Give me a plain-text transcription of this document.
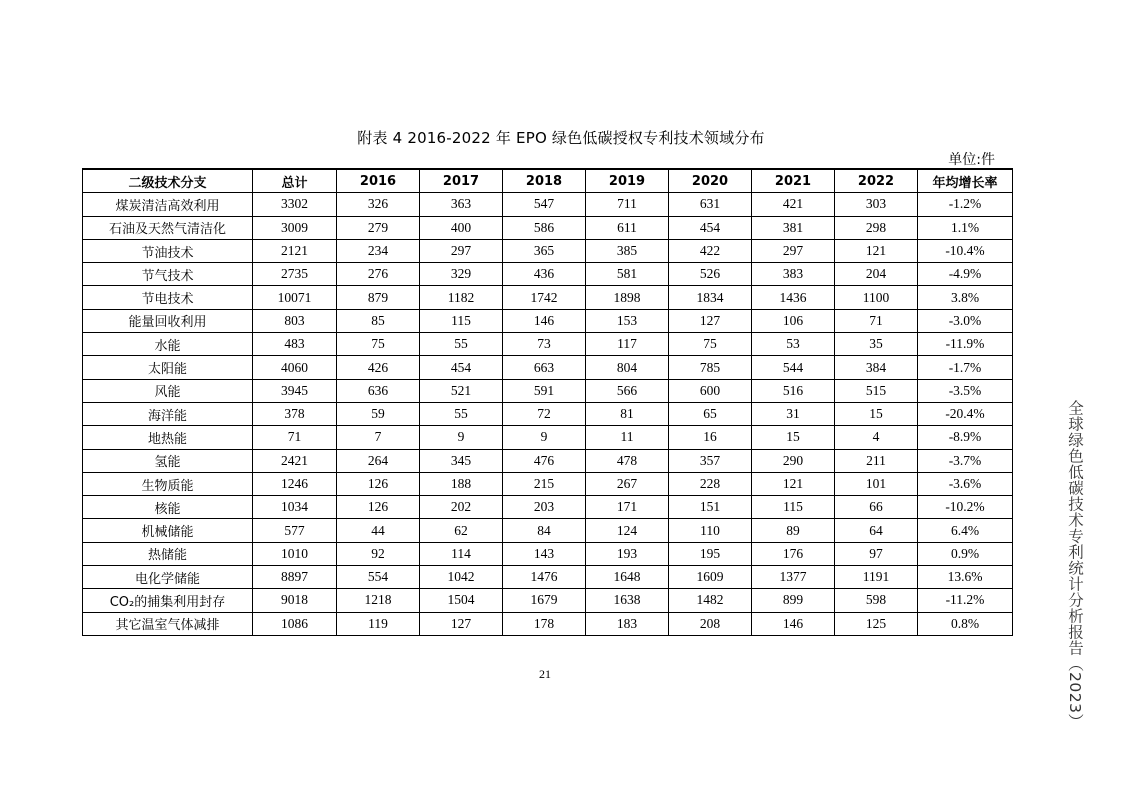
附表 4 2016-2022 年 EPO 绿色低碳授权专利技术领域分布
单位:件
二级技术分支	总计	2016	2017	2018	2019	2020	2021	2022	年均增长率
煤炭清洁高效利用	3302	326	363	547	711	631	421	303	-1.2%
石油及天然气清洁化	3009	279	400	586	611	454	381	298	1.1%
节油技术	2121	234	297	365	385	422	297	121	-10.4%
节气技术	2735	276	329	436	581	526	383	204	-4.9%
节电技术	10071	879	1182	1742	1898	1834	1436	1100	3.8%
能量回收利用	803	85	115	146	153	127	106	71	-3.0%
水能	483	75	55	73	117	75	53	35	-11.9%
太阳能	4060	426	454	663	804	785	544	384	-1.7%
风能	3945	636	521	591	566	600	516	515	-3.5%
海洋能	378	59	55	72	81	65	31	15	-20.4%
地热能	71	7	9	9	11	16	15	4	-8.9%
氢能	2421	264	345	476	478	357	290	211	-3.7%
生物质能	1246	126	188	215	267	228	121	101	-3.6%
核能	1034	126	202	203	171	151	115	66	-10.2%
机械储能	577	44	62	84	124	110	89	64	6.4%
热储能	1010	92	114	143	193	195	176	97	0.9%
电化学储能	8897	554	1042	1476	1648	1609	1377	1191	13.6%
CO₂的捕集利用封存	9018	1218	1504	1679	1638	1482	899	598	-11.2%
其它温室气体减排	1086	119	127	178	183	208	146	125	0.8%
21	全球绿色低碳技术专利统计分析报告（2023）
